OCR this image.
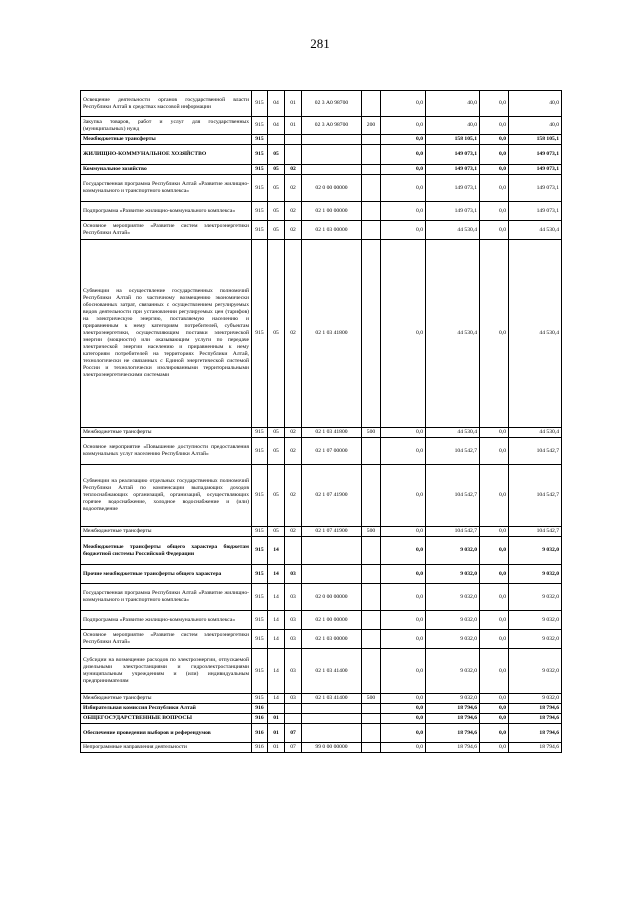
281
Освещение деятельности органов государственной власти Республики Алтай в средствах массовой информации	915	04	01	02 3 А0 98700		0,0	40,0	0,0	40,0
Закупка товаров, работ и услуг для государственных (муниципальных) нужд	915	04	01	02 3 А0 98700	200	0,0	40,0	0,0	40,0
Межбюджетные трансферты	915					0,0	158 105,1	0,0	158 105,1
ЖИЛИЩНО-КОММУНАЛЬНОЕ ХОЗЯЙСТВО	915	05				0,0	149 073,1	0,0	149 073,1
Коммунальное хозяйство	915	05	02			0,0	149 073,1	0,0	149 073,1
Государственная программа Республики Алтай «Развитие жилищно-коммунального и транспортного комплекса»	915	05	02	02 0 00 00000		0,0	149 073,1	0,0	149 073,1
Подпрограмма «Развитие жилищно-коммунального комплекса»	915	05	02	02 1 00 00000		0,0	149 073,1	0,0	149 073,1
Основное мероприятие «Развитие систем электроэнергетики Республики Алтай»	915	05	02	02 1 03 00000		0,0	44 530,4	0,0	44 530,4
Субвенции на осуществление государственных полномочий Республики Алтай по частичному возмещению экономически обоснованных затрат, связанных с осуществлением регулируемых видов деятельности при установлении регулируемых цен (тарифов) на электрическую энергию, поставляемую населению и приравненным к нему категориям потребителей, субъектам электроэнергетики, осуществляющим поставки электрической энергии (мощности) или оказывающим услуги по передаче электрической энергии населению и приравненным к нему категориям потребителей на территориях Республики Алтай, технологически не связанных с Единой энергетической системой России и технологически изолированными территориальными электроэнергетическими системами	915	05	02	02 1 03 41800		0,0	44 530,4	0,0	44 530,4
Межбюджетные трансферты	915	05	02	02 1 03 41800	500	0,0	44 530,4	0,0	44 530,4
Основное мероприятие «Повышение доступности предоставления коммунальных услуг населению Республики Алтай»	915	05	02	02 1 07 00000		0,0	104 542,7	0,0	104 542,7
Субвенции на реализацию отдельных государственных полномочий Республики Алтай по компенсации выпадающих доходов теплоснабжающих организаций, организаций, осуществляющих горячее водоснабжение, холодное водоснабжение и (или) водоотведение	915	05	02	02 1 07 41900		0,0	104 542,7	0,0	104 542,7
Межбюджетные трансферты	915	05	02	02 1 07 41900	500	0,0	104 542,7	0,0	104 542,7
Межбюджетные трансферты общего характера бюджетам бюджетной системы Российской Федерации	915	14				0,0	9 032,0	0,0	9 032,0
Прочие межбюджетные трансферты общего характера	915	14	03			0,0	9 032,0	0,0	9 032,0
Государственная программа Республики Алтай «Развитие жилищно-коммунального и транспортного комплекса»	915	14	03	02 0 00 00000		0,0	9 032,0	0,0	9 032,0
Подпрограмма «Развитие жилищно-коммунального комплекса»	915	14	03	02 1 00 00000		0,0	9 032,0	0,0	9 032,0
Основное мероприятие «Развитие систем электроэнергетики Республики Алтай»	915	14	03	02 1 03 00000		0,0	9 032,0	0,0	9 032,0
Субсидии на возмещение расходов по электроэнергии, отпускаемой дизельными электростанциями и гидроэлектростанциями муниципальным учреждениям и (или) индивидуальным предпринимателям	915	14	03	02 1 03 41400		0,0	9 032,0	0,0	9 032,0
Межбюджетные трансферты	915	14	03	02 1 03 41400	500	0,0	9 032,0	0,0	9 032,0
Избирательная комиссия Республики Алтай	916					0,0	18 794,6	0,0	18 794,6
ОБЩЕГОСУДАРСТВЕННЫЕ ВОПРОСЫ	916	01				0,0	18 794,6	0,0	18 794,6
Обеспечение проведения выборов и референдумов	916	01	07			0,0	18 794,6	0,0	18 794,6
Непрограммные направления деятельности	916	01	07	99 0 00 00000		0,0	18 794,6	0,0	18 794,6
